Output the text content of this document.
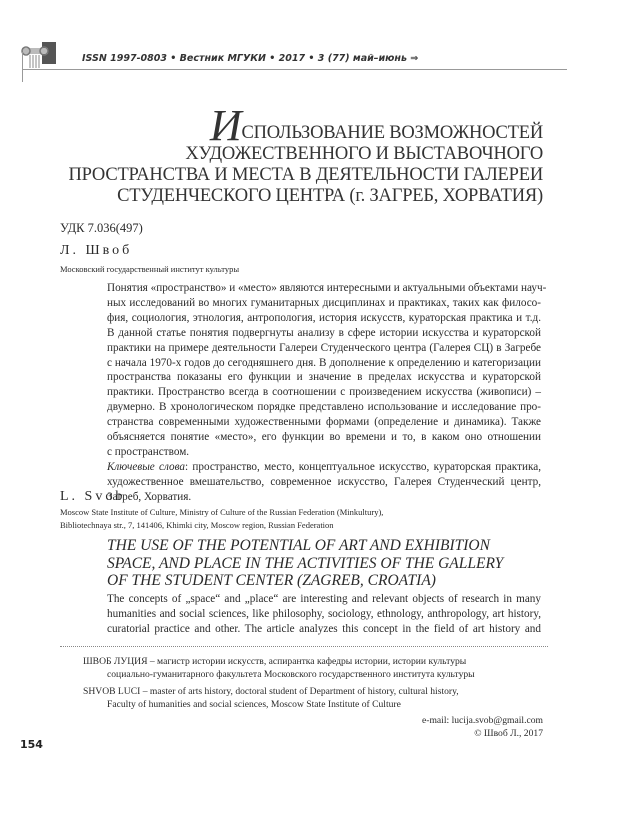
ISSN 1997-0803 • Вестник МГУКИ • 2017 • 3 (77) май–июнь ⇒
ИСПОЛЬЗОВАНИЕ ВОЗМОЖНОСТЕЙ
ХУДОЖЕСТВЕННОГО И ВЫСТАВОЧНОГО
ПРОСТРАНСТВА И МЕСТА В ДЕЯТЕЛЬНОСТИ ГАЛЕРЕИ
СТУДЕНЧЕСКОГО ЦЕНТРА (г. ЗАГРЕБ, ХОРВАТИЯ)
УДК 7.036(497)
Л. Швоб
Московский государственный институт культуры
Понятия «пространство» и «место» являются интересными и актуальными объектами науч-
ных исследований во многих гуманитарных дисциплинах и практиках, таких как филосо-
фия, социология, этнология, антропология, история искусств, кураторская практика и т.д.
В данной статье понятия подвергнуты анализу в сфере истории искусства и кураторской
практики на примере деятельности Галереи Студенческого центра (Галерея СЦ) в Загребе
с начала 1970-х годов до сегодняшнего дня. В дополнение к определению и категоризации
пространства показаны его функции и значение в пределах искусства и кураторской
практики. Пространство всегда в соотношении с произведением искусства (живописи) –
двумерно. В хронологическом порядке представлено использование и исследование про-
странства современными художественными формами (определение и динамика). Также
объясняется понятие «место», его функции во времени и то, в каком оно отношении
с пространством.
Ключевые слова: пространство, место, концептуальное искусство, кураторская практика,
художественное вмешательство, современное искусство, Галерея Студенческий центр,
Загреб, Хорватия.
L. Svob
Moscow State Institute of Culture, Ministry of Culture of the Russian Federation (Minkultury),
Bibliotechnaya str., 7, 141406, Khimki city, Moscow region, Russian Federation
THE USE OF THE POTENTIAL OF ART AND EXHIBITION
SPACE, AND PLACE IN THE ACTIVITIES OF THE GALLERY
OF THE STUDENT CENTER (ZAGREB, CROATIA)
The concepts of „space“ and „place“ are interesting and relevant objects of research in many
humanities and social sciences, like philosophy, sociology, ethnology, anthropology, art history,
curatorial practice and other. The article analyzes this concept in the field of art history and
ШВОБ ЛУЦИЯ – магистр истории искусств, аспирантка кафедры истории, истории культуры
социально-гуманитарного факультета Московского государственного института культуры
SHVOB LUCI – master of arts history, doctoral student of Department of history, cultural history,
Faculty of humanities and social sciences, Moscow State Institute of Culture
e-mail: lucija.svob@gmail.com
© Швоб Л., 2017
154
